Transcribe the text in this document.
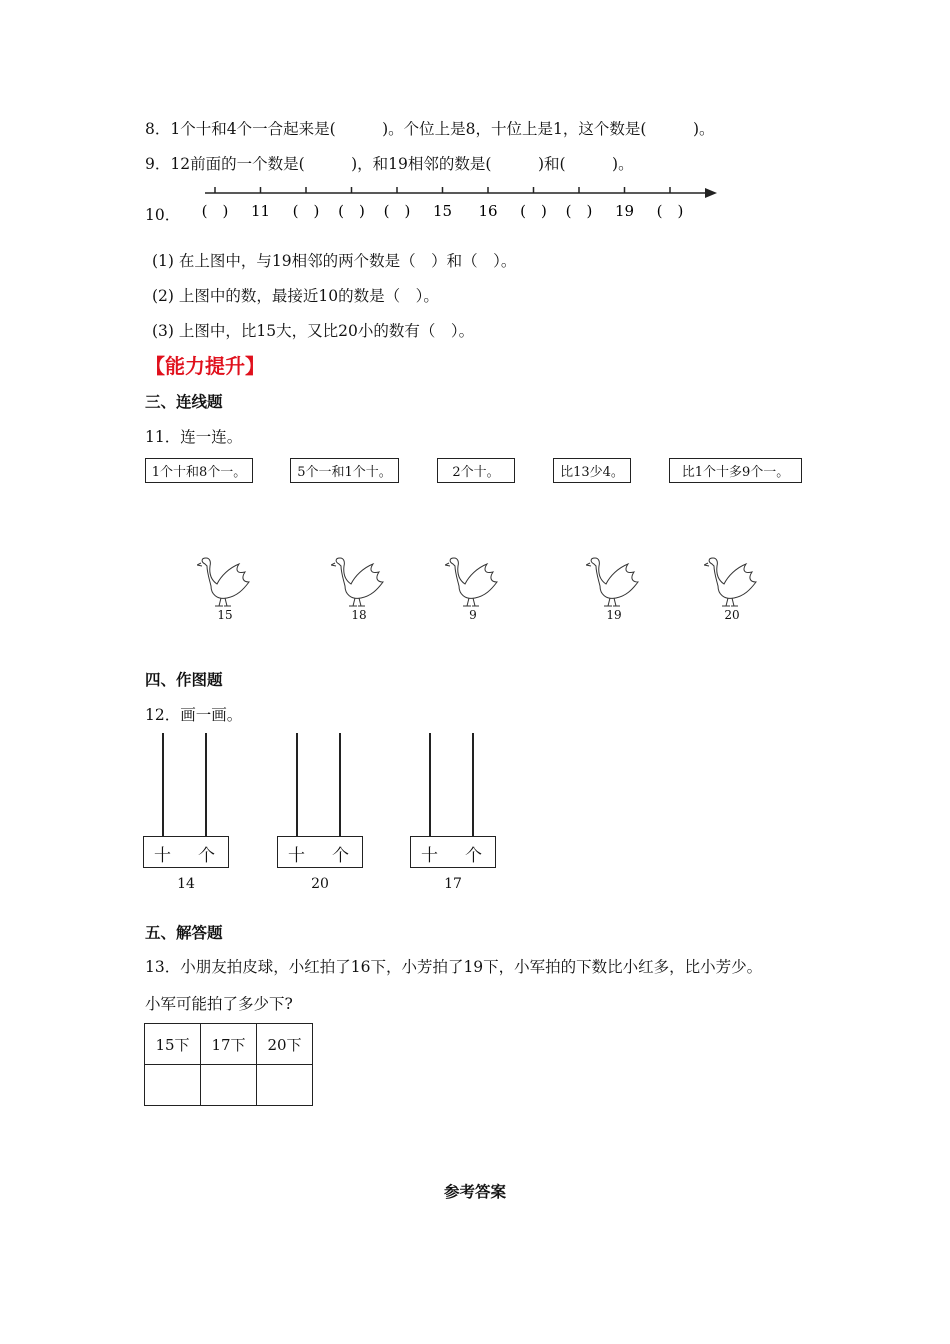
8．1个十和4个一合起来是(　　　)。个位上是8，十位上是1，这个数是(　　　)。
9．12前面的一个数是(　　　)，和19相邻的数是(　　　)和(　　　)。
10． (　) 11 (　) (　) (　) 15 16 (　) (　) 19 (　)
(1) 在上图中，与19相邻的两个数是（　）和（　）。
(2) 上图中的数，最接近10的数是（　）。
(3) 上图中，比15大，又比20小的数有（　）。
【能力提升】
三、连线题
11．连一连。
1个十和8个一。	5个一和1个十。	2个十。	比13少4。	比1个十多9个一。
15	18	9	19	20
四、作图题
12．画一画。
十 个
14
十 个
20
十 个
17
五、解答题
13．小朋友拍皮球，小红拍了16下，小芳拍了19下，小军拍的下数比小红多，比小芳少。
小军可能拍了多少下?
15下	17下	20下

参考答案
